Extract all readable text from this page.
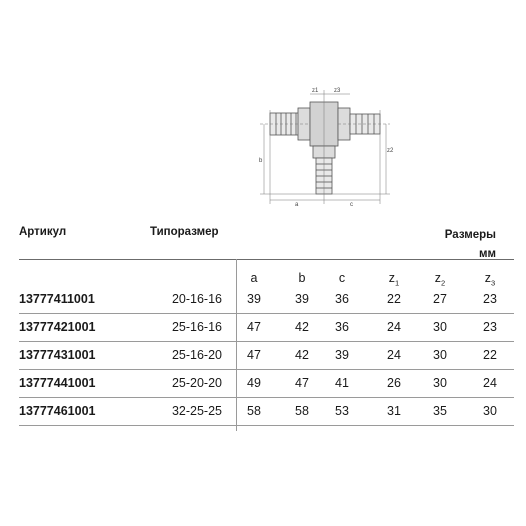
z1	z3
a	c
b
z2
Артикул	Типоразмер	Размеры
мм
a	b	c	$z_1$	$z_2$	$z_3$
13777411001	20-16-16	39	39	36	22	27	23
13777421001	25-16-16	47	42	36	24	30	23
13777431001	25-16-20	47	42	39	24	30	22
13777441001	25-20-20	49	47	41	26	30	24
13777461001	32-25-25	58	58	53	31	35	30
